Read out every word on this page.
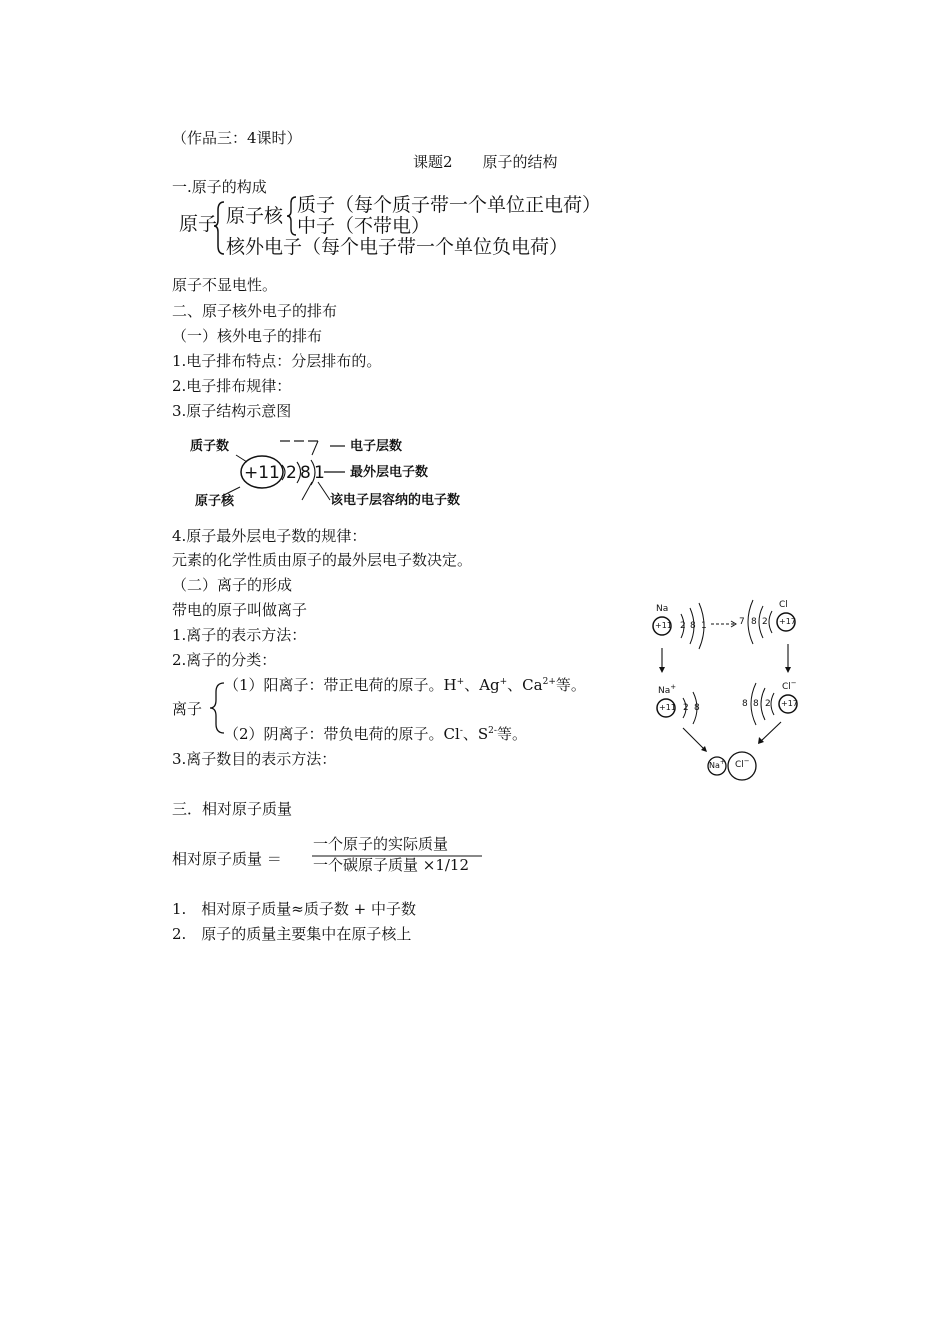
（作品三：4课时）
课题2　　原子的结构
一.原子的构成
原子 原子核 质子（每个质子带一个单位正电荷）
中子（不带电）
核外电子（每个电子带一个单位负电荷）
原子不显电性。
二、原子核外电子的排布
（一）核外电子的排布
1.电子排布特点：分层排布的。
2.电子排布规律：
3.原子结构示意图
质子数
原子核
+11 2 8 1
电子层数
最外层电子数
该电子层容纳的电子数
4.原子最外层电子数的规律：
元素的化学性质由原子的最外层电子数决定。
（二）离子的形成
带电的原子叫做离子
1.离子的表示方法：
2.离子的分类：
离子
（1）阳离子：带正电荷的原子。H+、Ag+、$Ca^{2+}$等。
（2）阴离子：带负电荷的原子。Cl-、$S^{2-}$等。
3.离子数目的表示方法：
Na
+11 2 8 1
Cl
+17
7 8 2
Na+
+11 2 8
Cl−
+17
8 8 2
Na+ Cl−
三．相对原子质量
相对原子质量 ＝
一个原子的实际质量
一个碳原子质量 ×1/12
1.　相对原子质量≈质子数 + 中子数
2.　原子的质量主要集中在原子核上
